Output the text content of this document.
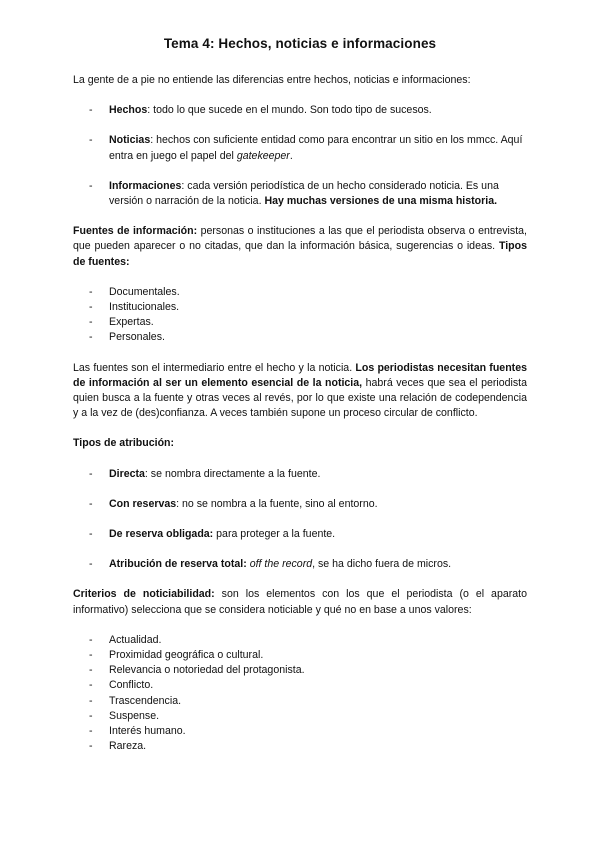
Tema 4: Hechos, noticias e informaciones

La gente de a pie no entiende las diferencias entre hechos, noticias e informaciones:

- Hechos: todo lo que sucede en el mundo. Son todo tipo de sucesos.
- Noticias: hechos con suficiente entidad como para encontrar un sitio en los mmcc. Aquí entra en juego el papel del gatekeeper.
- Informaciones: cada versión periodística de un hecho considerado noticia. Es una versión o narración de la noticia. Hay muchas versiones de una misma historia.

Fuentes de información: personas o instituciones a las que el periodista observa o entrevista, que pueden aparecer o no citadas, que dan la información básica, sugerencias o ideas. Tipos de fuentes:

- Documentales.
- Institucionales.
- Expertas.
- Personales.

Las fuentes son el intermediario entre el hecho y la noticia. Los periodistas necesitan fuentes de información al ser un elemento esencial de la noticia, habrá veces que sea el periodista quien busca a la fuente y otras veces al revés, por lo que existe una relación de codependencia y a la vez de (des)confianza. A veces también supone un proceso circular de conflicto.

Tipos de atribución:

- Directa: se nombra directamente a la fuente.
- Con reservas: no se nombra a la fuente, sino al entorno.
- De reserva obligada: para proteger a la fuente.
- Atribución de reserva total: off the record, se ha dicho fuera de micros.

Criterios de noticiabilidad: son los elementos con los que el periodista (o el aparato informativo) selecciona que se considera noticiable y qué no en base a unos valores:

- Actualidad.
- Proximidad geográfica o cultural.
- Relevancia o notoriedad del protagonista.
- Conflicto.
- Trascendencia.
- Suspense.
- Interés humano.
- Rareza.
